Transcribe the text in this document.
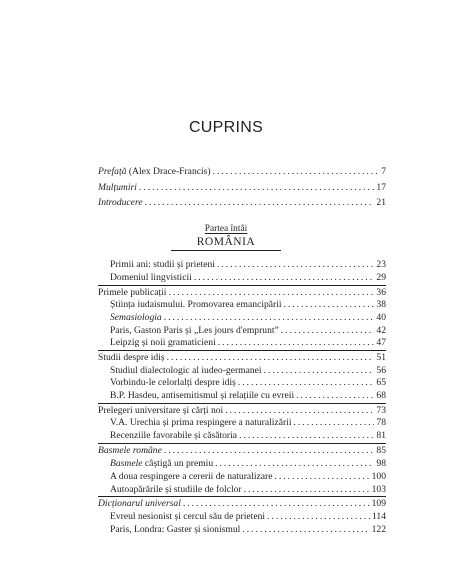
CUPRINS
Prefață (Alex Drace-Francis) . . .	7
Mulțumiri . . .	17
Introducere . . .	21
Partea întâi
ROMÂNIA
Primii ani: studii și prieteni . . .	23
Domeniul lingvisticii . . .	29
Primele publicații . . .	36
Știința iudaismului. Promovarea emancipării . . .	38
Semasiologia . . .	40
Paris, Gaston Paris și „Les jours d'emprunt” . . .	42
Leipzig și noii gramaticieni . . .	47
Studii despre idiș . . .	51
Studiul dialectologic al iudeo-germanei . . .	56
Vorbindu-le celorlalți despre idiș . . .	65
B.P. Hasdeu, antisemitismul și relațiile cu evreii . . .	68
Prelegeri universitare și cărți noi . . .	73
V.A. Urechia și prima respingere a naturalizării . . .	78
Recenziile favorabile și căsătoria . . .	81
Basmele române . . .	85
Basmele câștigă un premiu . . .	98
A doua respingere a cererii de naturalizare . . .	100
Autoapărările și studiile de folclor . . .	103
Dicționarul universal . . .	109
Evreul nesionist și cercul său de prieteni . . .	114
Paris, Londra: Gaster și sionismul . . .	122
